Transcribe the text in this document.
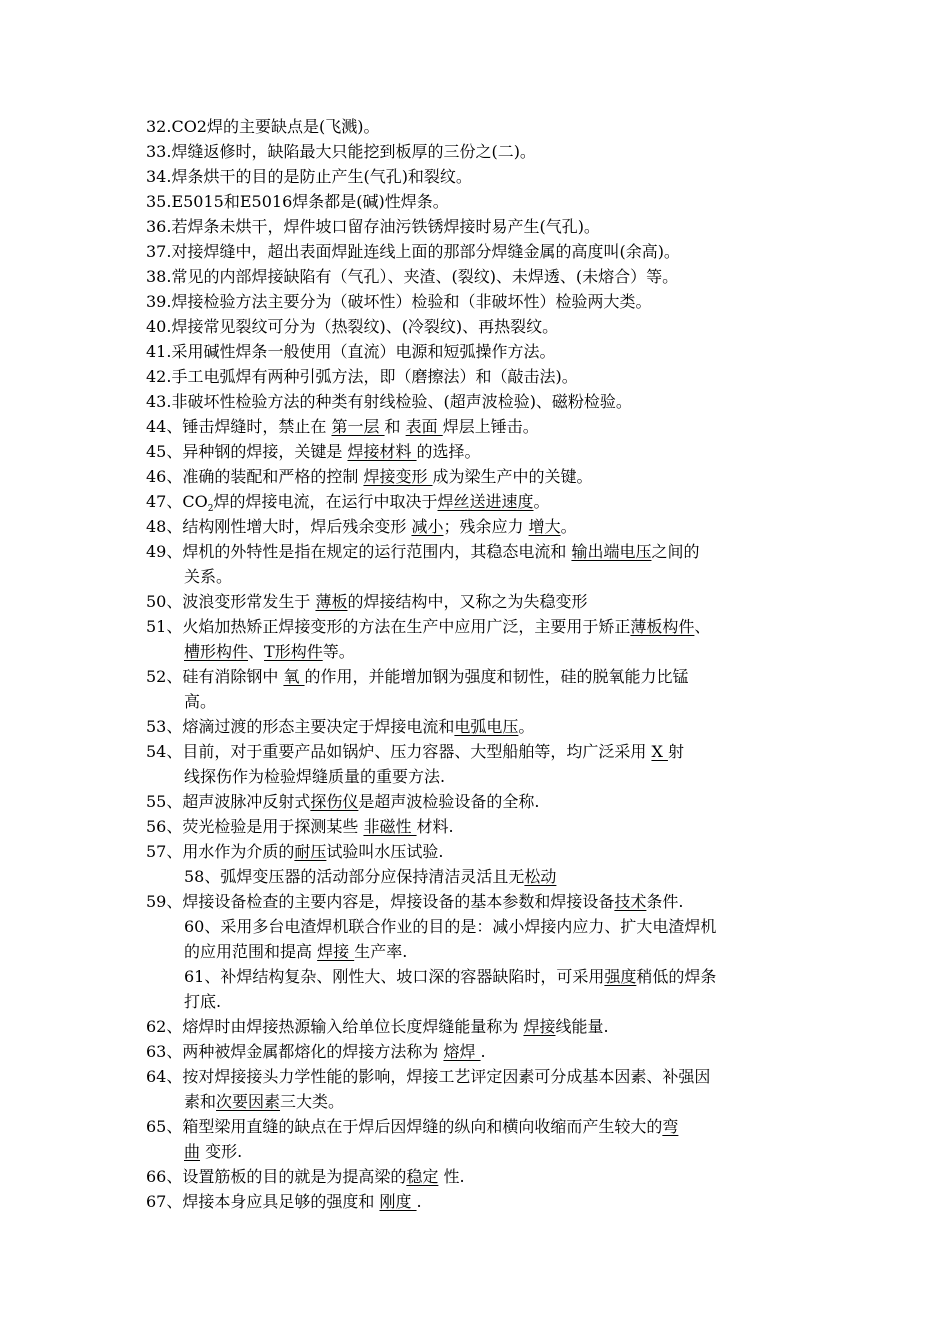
32.CO2焊的主要缺点是(飞溅)。
33.焊缝返修时，缺陷最大只能挖到板厚的三份之(二)。
34.焊条烘干的目的是防止产生(气孔)和裂纹。
35.E5015和E5016焊条都是(碱)性焊条。
36.若焊条未烘干，焊件坡口留存油污铁锈焊接时易产生(气孔)。
37.对接焊缝中，超出表面焊趾连线上面的那部分焊缝金属的高度叫(余高)。
38.常见的内部焊接缺陷有（气孔）、夹渣、(裂纹)、未焊透、(未熔合）等。
39.焊接检验方法主要分为（破坏性）检验和（非破坏性）检验两大类。
40.焊接常见裂纹可分为（热裂纹)、(冷裂纹)、再热裂纹。
41.采用碱性焊条一般使用（直流）电源和短弧操作方法。
42.手工电弧焊有两种引弧方法，即（磨擦法）和（敲击法)。
43.非破坏性检验方法的种类有射线检验、(超声波检验)、磁粉检验。
44、锤击焊缝时，禁止在 第一层 和 表面 焊层上锤击。
45、异种钢的焊接，关键是 焊接材料 的选择。
46、准确的装配和严格的控制 焊接变形 成为梁生产中的关键。
47、$CO_2$焊的焊接电流，在运行中取决于焊丝送进速度。
48、结构刚性增大时，焊后残余变形 减小；残余应力 增大。
49、焊机的外特性是指在规定的运行范围内，其稳态电流和 输出端电压之间的
关系。
50、波浪变形常发生于 薄板的焊接结构中，又称之为失稳变形
51、火焰加热矫正焊接变形的方法在生产中应用广泛，主要用于矫正薄板构件、
槽形构件、T形构件等。
52、硅有消除钢中 氧 的作用，并能增加钢为强度和韧性，硅的脱氧能力比锰
高。
53、熔滴过渡的形态主要决定于焊接电流和电弧电压。
54、目前，对于重要产品如锅炉、压力容器、大型船舶等，均广泛采用 X 射
线探伤作为检验焊缝质量的重要方法.
55、超声波脉冲反射式探伤仪是超声波检验设备的全称.
56、荧光检验是用于探测某些 非磁性 材料.
57、用水作为介质的耐压试验叫水压试验.
58、弧焊变压器的活动部分应保持清洁灵活且无松动
59、焊接设备检查的主要内容是，焊接设备的基本参数和焊接设备技术条件.
60、采用多台电渣焊机联合作业的目的是：减小焊接内应力、扩大电渣焊机
的应用范围和提高 焊接 生产率.
61、补焊结构复杂、刚性大、坡口深的容器缺陷时，可采用强度稍低的焊条
打底.
62、熔焊时由焊接热源输入给单位长度焊缝能量称为 焊接线能量.
63、两种被焊金属都熔化的焊接方法称为 熔焊 .
64、按对焊接接头力学性能的影响，焊接工艺评定因素可分成基本因素、补强因
素和次要因素三大类。
65、箱型梁用直缝的缺点在于焊后因焊缝的纵向和横向收缩而产生较大的弯
曲 变形.
66、设置筋板的目的就是为提高梁的稳定 性.
67、焊接本身应具足够的强度和 刚度 .
